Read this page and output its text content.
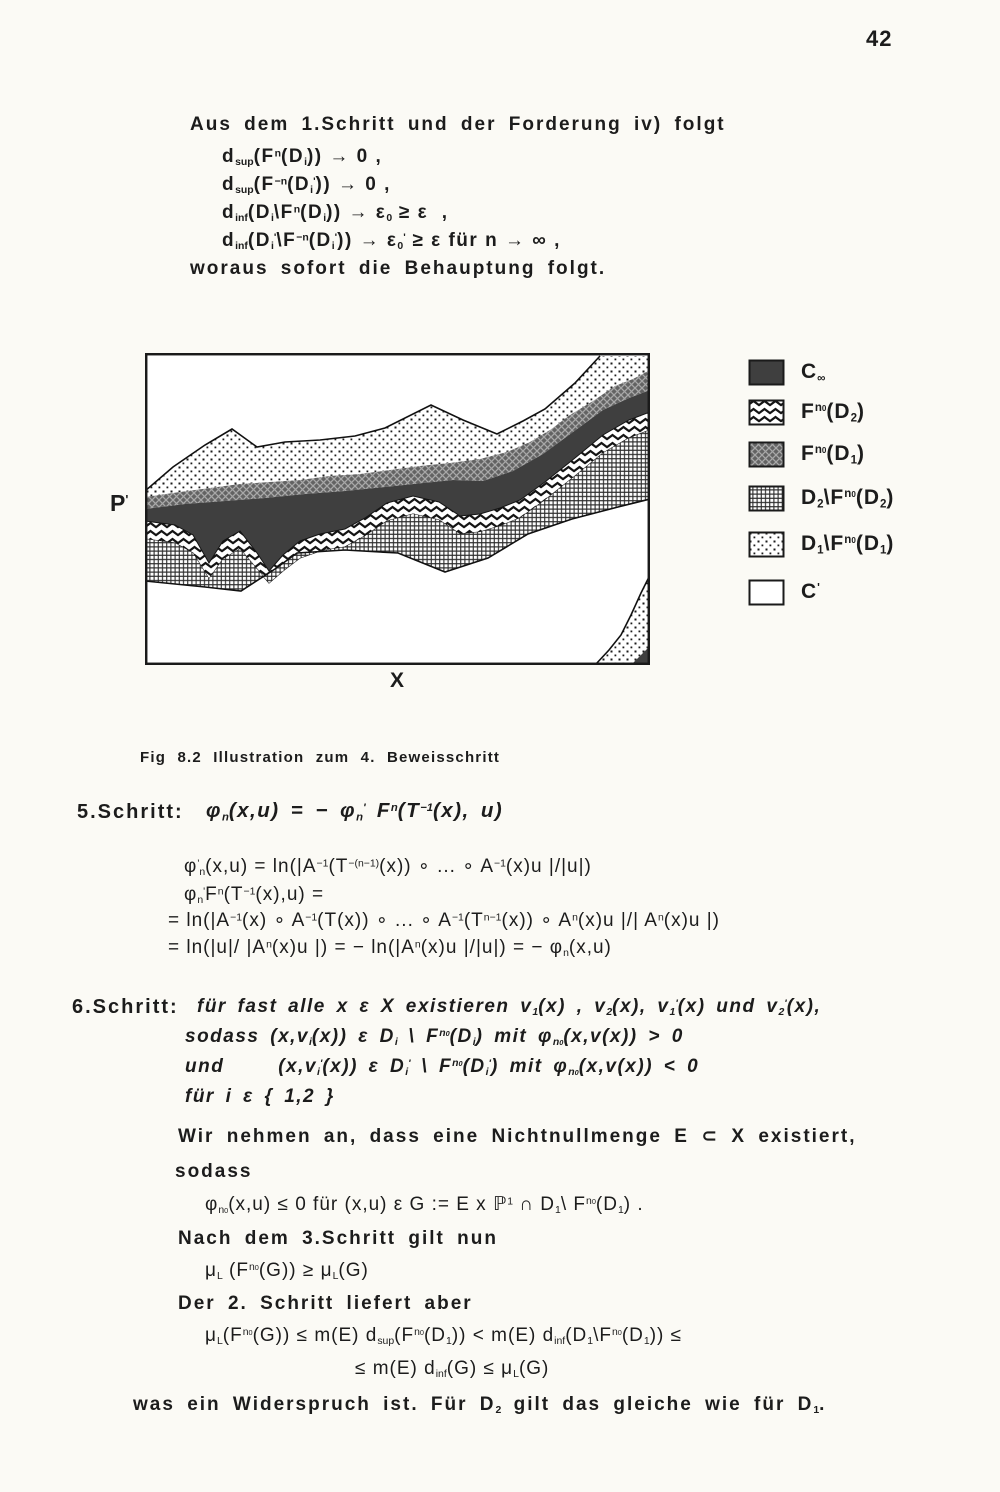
42
Aus dem 1.Schritt und der Forderung iv) folgt
$d_{sup}(F^n(D_i)) \to 0$ ,
$d_{sup}(F^{-n}(D_i')) \to 0$ ,
$d_{inf}(D_i\backslash F^n(D_i)) \to \varepsilon_0 \ge \varepsilon$  ,
$d_{inf}(D_i'\backslash F^{-n}(D_i')) \to \varepsilon_0' \ge \varepsilon$ für n → ∞ ,
woraus sofort die Behauptung folgt.
P'
X
$C_\infty$
$F^{n0}(D_2)$
$F^{n0}(D_1)$
$D_2\backslash F^{n0}(D_2)$
$D_1\backslash F^{n0}(D_1)$
C'
Fig 8.2 Illustration zum 4. Beweisschritt
5.Schritt: $\varphi_n(x,u)$ = − $\varphi_n'$ $F^n(T^{-1}(x)$, u)
$\varphi'_n(x,u) = \ln(|A^{-1}(T^{-(n-1)}(x))$ ∘ ... ∘ $A^{-1}(x)u$ |/|u|)
$\varphi_n'F^n(T^{-1}(x),u)$ =
= $\ln(|A^{-1}(x)$ ∘ $A^{-1}(T(x))$ ∘ ... ∘ $A^{-1}(T^{n-1}(x))$ ∘ $A^n(x)u$ |/| $A^n(x)u$ |)
= ln(|u|/ $|A^n(x)u$ |) = − $\ln(|A^n(x)u$ |/|u|) = − $\varphi_n(x,u)$
6.Schritt: für fast alle x ε X existieren $v_1(x)$ , $v_2(x)$, $v_1'(x)$ und $v_2'(x)$,
sodass $(x,v_i(x))$ ε $D_i$ \ $F^{n0}(D_i)$ mit $\varphi_{n0}(x,v(x)) > 0$
und     $(x,v_i'(x))$ ε $D_i'$ \ $F^{n0}(D_i')$ mit $\varphi_{n0}(x,v(x)) < 0$
für i ε { 1,2 }
Wir nehmen an, dass eine Nichtnullmenge E ⊂ X existiert,
sodass
$\varphi_{n0}(x,u) \le 0$ für (x,u) ε G := E x ℙ$^1$ ∩ $D_1\backslash$ $F^{n0}(D_1)$ .
Nach dem 3.Schritt gilt nun
$\mu_L$ $(F^{n0}(G)) \ge \mu_L(G)$
Der 2. Schritt liefert aber
$\mu_L(F^{n0}(G)) \le m(E) d_{sup}(F^{n0}(D_1)) < m(E)$ $d_{inf}(D_1\backslash F^{n0}(D_1))$ ≤
≤ m(E) $d_{inf}(G) \le \mu_L(G)$
was ein Widerspruch ist. Für $D_2$ gilt das gleiche wie für $D_1$.
